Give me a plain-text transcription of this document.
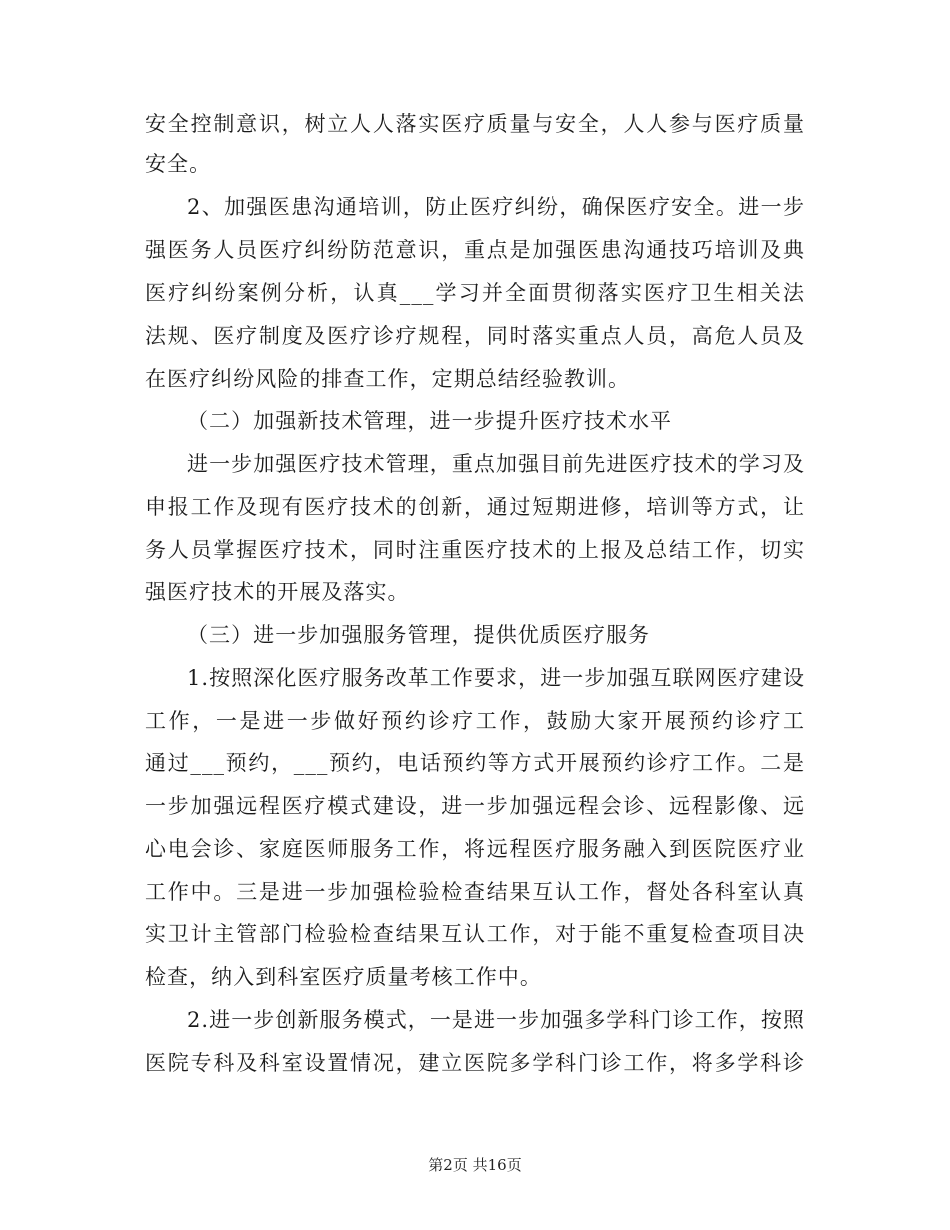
安全控制意识，树立人人落实医疗质量与安全，人人参与医疗质量
安全。
2、加强医患沟通培训，防止医疗纠纷，确保医疗安全。进一步
强医务人员医疗纠纷防范意识，重点是加强医患沟通技巧培训及典
医疗纠纷案例分析，认真___学习并全面贯彻落实医疗卫生相关法
法规、医疗制度及医疗诊疗规程，同时落实重点人员，高危人员及
在医疗纠纷风险的排查工作，定期总结经验教训。
（二）加强新技术管理，进一步提升医疗技术水平
进一步加强医疗技术管理，重点加强目前先进医疗技术的学习及
申报工作及现有医疗技术的创新，通过短期进修，培训等方式，让
务人员掌握医疗技术，同时注重医疗技术的上报及总结工作，切实
强医疗技术的开展及落实。
（三）进一步加强服务管理，提供优质医疗服务
1.按照深化医疗服务改革工作要求，进一步加强互联网医疗建设
工作，一是进一步做好预约诊疗工作，鼓励大家开展预约诊疗工
通过___预约，___预约，电话预约等方式开展预约诊疗工作。二是
一步加强远程医疗模式建设，进一步加强远程会诊、远程影像、远
心电会诊、家庭医师服务工作，将远程医疗服务融入到医院医疗业
工作中。三是进一步加强检验检查结果互认工作，督处各科室认真
实卫计主管部门检验检查结果互认工作，对于能不重复检查项目决
检查，纳入到科室医疗质量考核工作中。
2.进一步创新服务模式，一是进一步加强多学科门诊工作，按照
医院专科及科室设置情况，建立医院多学科门诊工作，将多学科诊
第2页 共16页
